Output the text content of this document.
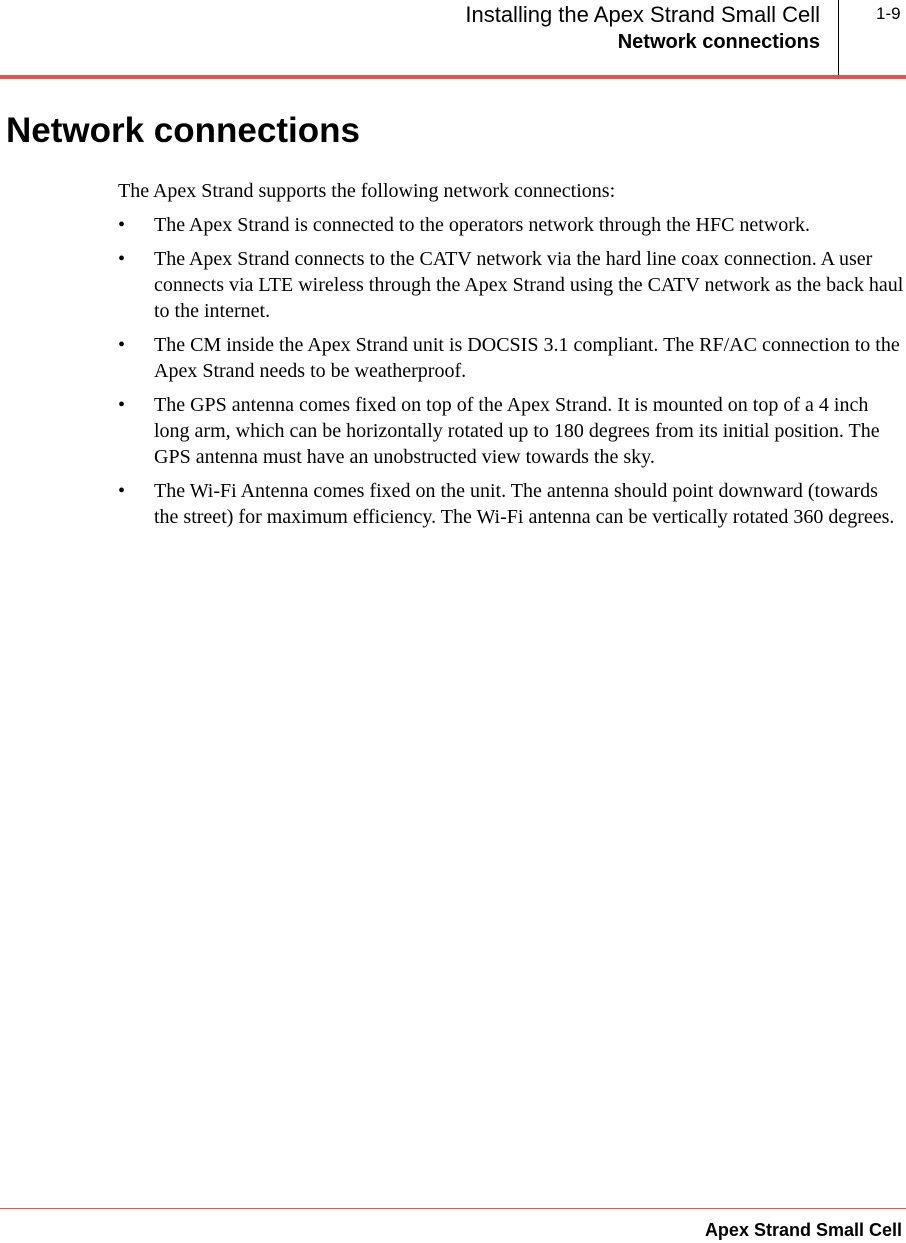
Installing the Apex Strand Small Cell
Network connections
1-9
Network connections

The Apex Strand supports the following network connections:

• The Apex Strand is connected to the operators network through the HFC network.
• The Apex Strand connects to the CATV network via the hard line coax connection. A user connects via LTE wireless through the Apex Strand using the CATV network as the back haul to the internet.
• The CM inside the Apex Strand unit is DOCSIS 3.1 compliant. The RF/AC connection to the Apex Strand needs to be weatherproof.
• The GPS antenna comes fixed on top of the Apex Strand. It is mounted on top of a 4 inch long arm, which can be horizontally rotated up to 180 degrees from its initial position. The GPS antenna must have an unobstructed view towards the sky.
• The Wi-Fi Antenna comes fixed on the unit. The antenna should point downward (towards the street) for maximum efficiency. The Wi-Fi antenna can be vertically rotated 360 degrees.
Apex Strand Small Cell
